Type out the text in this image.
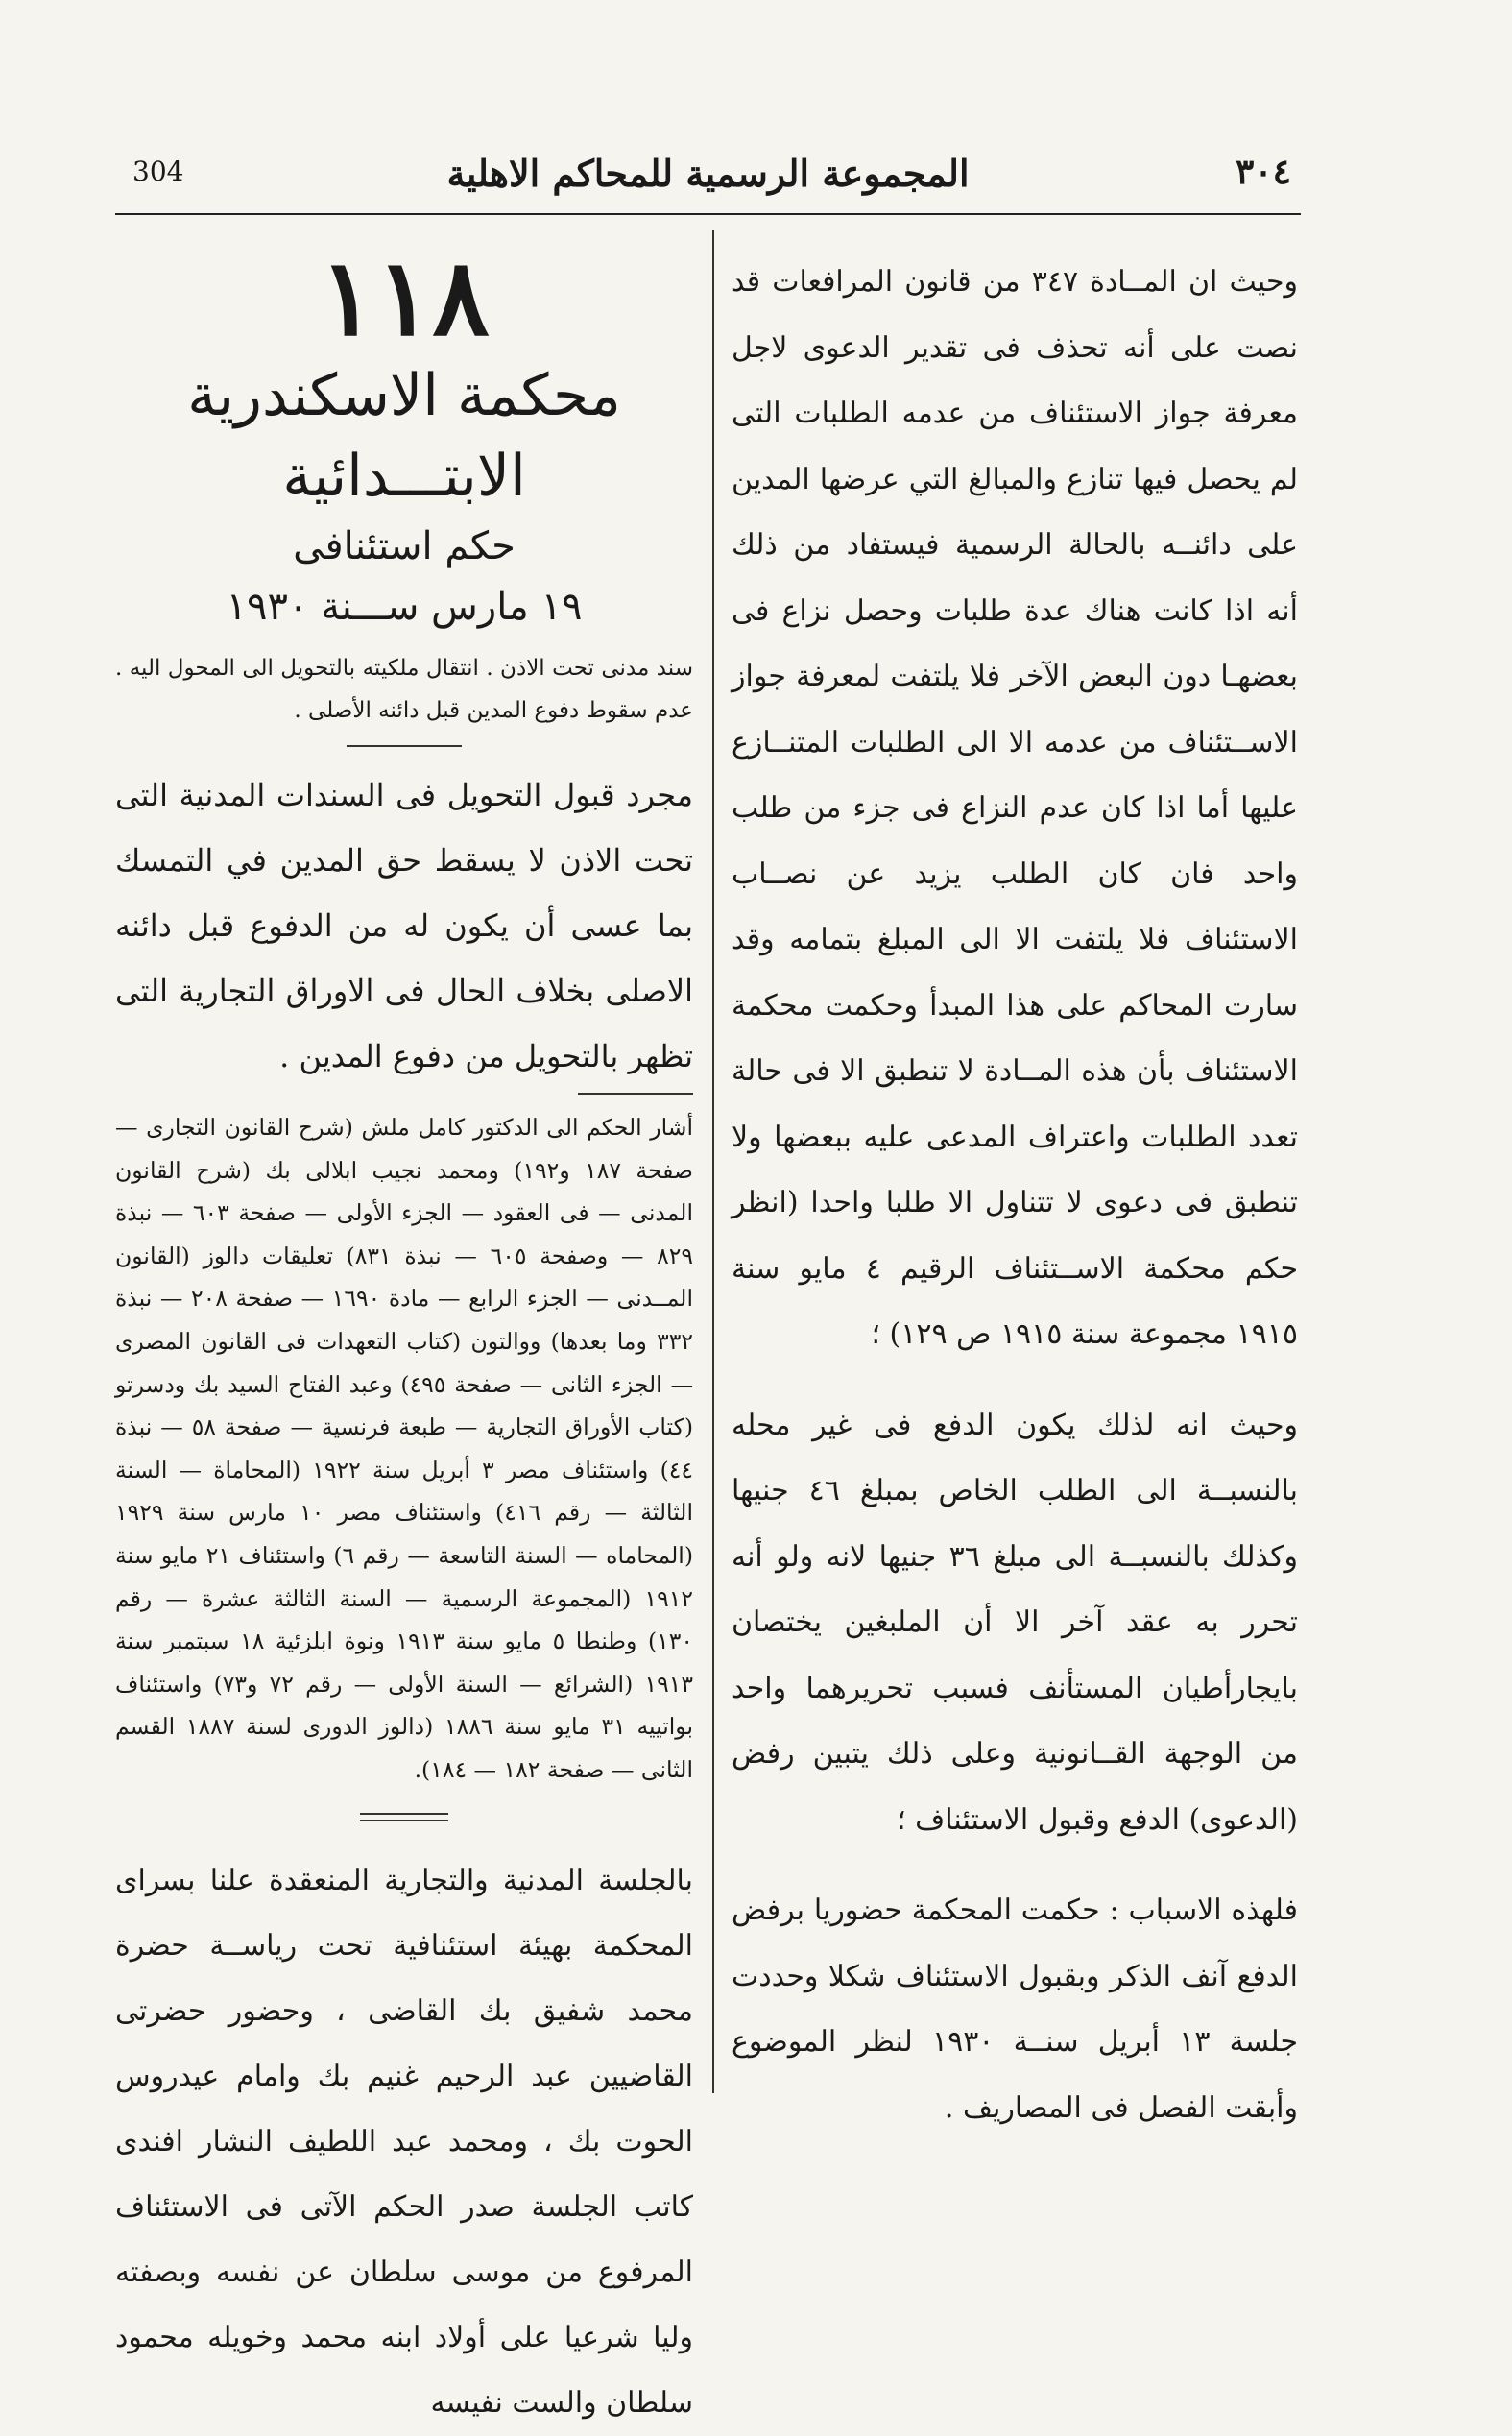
304	المجموعة الرسمية للمحاكم الاهلية	٣٠٤

وحيث ان المــادة ٣٤٧ من قانون المرافعات قد نصت على أنه تحذف فى تقدير الدعوى لاجل معرفة جواز الاستئناف من عدمه الطلبات التى لم يحصل فيها تنازع والمبالغ التي عرضها المدين على دائنــه بالحالة الرسمية فيستفاد من ذلك أنه اذا كانت هناك عدة طلبات وحصل نزاع فى بعضهـا دون البعض الآخر فلا يلتفت لمعرفة جواز الاســتئناف من عدمه الا الى الطلبات المتنــازع عليها أما اذا كان عدم النزاع فى جزء من طلب واحد فان كان الطلب يزيد عن نصــاب الاستئناف فلا يلتفت الا الى المبلغ بتمامه وقد سارت المحاكم على هذا المبدأ وحكمت محكمة الاستئناف بأن هذه المــادة لا تنطبق الا فى حالة تعدد الطلبات واعتراف المدعى عليه ببعضها ولا تنطبق فى دعوى لا تتناول الا طلبا واحدا (انظر حكم محكمة الاســتئناف الرقيم ٤ مايو سنة ١٩١٥ مجموعة سنة ١٩١٥ ص ١٢٩) ؛

وحيث انه لذلك يكون الدفع فى غير محله بالنسبــة الى الطلب الخاص بمبلغ ٤٦ جنيها وكذلك بالنسبــة الى مبلغ ٣٦ جنيها لانه ولو أنه تحرر به عقد آخر الا أن الملبغين يختصان بايجارأطيان المستأنف فسبب تحريرهما واحد من الوجهة القــانونية وعلى ذلك يتبين رفض (الدعوى) الدفع وقبول الاستئناف ؛

فلهذه الاسباب : حكمت المحكمة حضوريا برفض الدفع آنف الذكر وبقبول الاستئناف شكلا وحددت جلسة ١٣ أبريل سنــة ١٩٣٠ لنظر الموضوع وأبقت الفصل فى المصاريف .

١١٨

محكمة الاسكندرية الابتـــدائية

حكم استئنافى

١٩ مارس ســـنة ١٩٣٠

سند مدنى تحت الاذن . انتقال ملكيته بالتحويل الى المحول اليه . عدم سقوط دفوع المدين قبل دائنه الأصلى .

مجرد قبول التحويل فى السندات المدنية التى تحت الاذن لا يسقط حق المدين في التمسك بما عسى أن يكون له من الدفوع قبل دائنه الاصلى بخلاف الحال فى الاوراق التجارية التى تظهر بالتحويل من دفوع المدين .

أشار الحكم الى الدكتور كامل ملش (شرح القانون التجارى — صفحة ١٨٧ و١٩٢) ومحمد نجيب ابلالى بك (شرح القانون المدنى — فى العقود — الجزء الأولى — صفحة ٦٠٣ — نبذة ٨٢٩ — وصفحة ٦٠٥ — نبذة ٨٣١) تعليقات دالوز (القانون المــدنى — الجزء الرابع — مادة ١٦٩٠ — صفحة ٢٠٨ — نبذة ٣٣٢ وما بعدها) ووالتون (كتاب التعهدات فى القانون المصرى — الجزء الثانى — صفحة ٤٩٥) وعبد الفتاح السيد بك ودسرتو (كتاب الأوراق التجارية — طبعة فرنسية — صفحة ٥٨ — نبذة ٤٤) واستئناف مصر ٣ أبريل سنة ١٩٢٢ (المحاماة — السنة الثالثة — رقم ٤١٦) واستئناف مصر ١٠ مارس سنة ١٩٢٩ (المحاماه — السنة التاسعة — رقم ٦) واستئناف ٢١ مايو سنة ١٩١٢ (المجموعة الرسمية — السنة الثالثة عشرة — رقم ١٣٠) وطنطا ٥ مايو سنة ١٩١٣ ونوة ابلزئية ١٨ سبتمبر سنة ١٩١٣ (الشرائع — السنة الأولى — رقم ٧٢ و٧٣) واستئناف بواتييه ٣١ مايو سنة ١٨٨٦ (دالوز الدورى لسنة ١٨٨٧ القسم الثانى — صفحة ١٨٢ — ١٨٤).

بالجلسة المدنية والتجارية المنعقدة علنا بسراى المحكمة بهيئة استئنافية تحت رياســة حضرة محمد شفيق بك القاضى ، وحضور حضرتى القاضيين عبد الرحيم غنيم بك وامام عيدروس الحوت بك ، ومحمد عبد اللطيف النشار افندى كاتب الجلسة صدر الحكم الآتى فى الاستئناف المرفوع من موسى سلطان عن نفسه وبصفته وليا شرعيا على أولاد ابنه محمد وخويله محمود سلطان والست نفيسه
